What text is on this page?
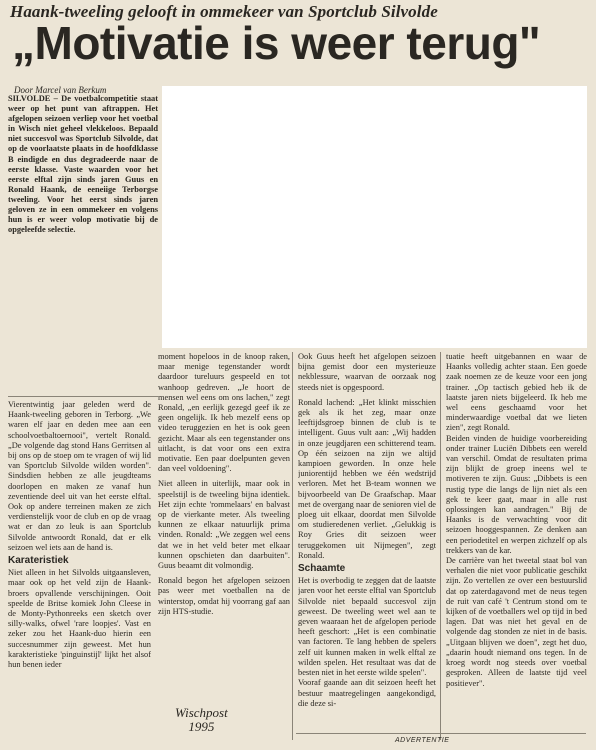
Haank-tweeling gelooft in ommekeer van Sportclub Silvolde
„Motivatie is weer terug"
Door Marcel van Berkum
SILVOLDE – De voetbalcompetitie staat weer op het punt van aftrappen. Het afgelopen seizoen verliep voor het voetbal in Wisch niet geheel vlekkeloos. Bepaald niet succesvol was Sportclub Silvolde, dat op de voorlaatste plaats in de hoofdklasse B eindigde en dus degradeerde naar de eerste klasse. Vaste waarden voor het eerste elftal zijn sinds jaren Guus en Ronald Haank, de eeneiige Terborgse tweeling. Voor het eerst sinds jaren geloven ze in een ommekeer en volgens hun is er weer volop motivatie bij de opgeleefde selectie.

Vierentwintig jaar geleden werd de Haank-tweeling geboren in Terborg. „We waren elf jaar en deden mee aan een schoolvoetbaltoernooi", vertelt Ronald. „De volgende dag stond Hans Gerritsen al bij ons op de stoep om te vragen of wij lid van Sportclub Silvolde wilden worden". Sindsdien hebben ze alle jeugdteams doorlopen en maken ze vanaf hun zeventiende deel uit van het eerste elftal. Ook op andere terreinen maken ze zich verdienstelijk voor de club en op de vraag wat er dan zo leuk is aan Sportclub Silvolde antwoordt Ronald, dat er elk seizoen wel iets aan de hand is.

Karateristiek

Niet alleen in het Silvolds uitgaansleven, maar ook op het veld zijn de Haank-broers opvallende verschijningen. Ooit speelde de Britse komiek John Cleese in de Monty-Pythonreeks een sketch over silly-walks, ofwel 'rare loopjes'. Vast en zeker zou het Haank-duo hierin een succesnummer zijn geweest. Met hun karakteristieke 'pinguinstijl' lijkt het alsof hun benen ieder

moment hopeloos in de knoop raken, maar menige tegenstander wordt daardoor tureluurs gespeeld en tot wanhoop gedreven. „Je hoort de mensen wel eens om ons lachen," zegt Ronald, „en eerlijk gezegd geef ik ze geen ongelijk. Ik heb mezelf eens op video teruggezien en het is ook geen gezicht. Maar als een tegenstander ons uitlacht, is dat voor ons een extra motivatie. Een paar doelpunten geven dan veel voldoening".

Niet alleen in uiterlijk, maar ook in speelstijl is de tweeling bijna identiek. Het zijn echte 'rommelaars' en balvast op de vierkante meter. Als tweeling kunnen ze elkaar natuurlijk prima vinden. Ronald: „We zeggen wel eens dat we in het veld beter met elkaar kunnen opschieten dan daarbuiten". Guus beaamt dit volmondig.

Ronald begon het afgelopen seizoen pas weer met voetballen na de winterstop, omdat hij voorrang gaf aan zijn HTS-studie.

Ook Guus heeft het afgelopen seizoen bijna gemist door een mysterieuze nekblessure, waarvan de oorzaak nog steeds niet is opgespoord.

Ronald lachend: „Het klinkt misschien gek als ik het zeg, maar onze leeftijdsgroep binnen de club is te intelligent. Guus vult aan: „Wij hadden in onze jeugdjaren een schitterend team. Op één seizoen na zijn we altijd kampioen geworden. In onze hele juniorentijd hebben we één wedstrijd verloren. Met het B-team wonnen we bijvoorbeeld van De Graafschap. Maar met de overgang naar de senioren viel de ploeg uit elkaar, doordat men Silvolde om studieredenen verliet. „Gelukkig is Roy Gries dit seizoen weer teruggekomen uit Nijmegen", zegt Ronald.

Schaamte

Het is overbodig te zeggen dat de laatste jaren voor het eerste elftal van Sportclub Silvolde niet bepaald succesvol zijn geweest. De tweeling weet wel aan te geven waaraan het de afgelopen periode heeft geschort: „Het is een combinatie van factoren. Te lang hebben de spelers zelf uit kunnen maken in welk elftal ze wilden spelen. Het resultaat was dat de besten niet in het eerste wilde spelen".

Vooraf gaande aan dit seizoen heeft het bestuur maatregelingen aangekondigd, die deze si-

tuatie heeft uitgebannen en waar de Haanks volledig achter staan. Een goede zaak noemen ze de keuze voor een jong trainer. „Op tactisch gebied heb ik de laatste jaren niets bijgeleerd. Ik heb me wel eens geschaamd voor het minderwaardige voetbal dat we lieten zien", zegt Ronald.

Beiden vinden de huidige voorbereiding onder trainer Luciën Dibbets een wereld van verschil. Omdat de resultaten prima zijn blijkt de groep ineens wel te motiveren te zijn. Guus: „Dibbets is een rustig type die langs de lijn niet als een gek te keer gaat, maar in alle rust oplossingen kan aandragen." Bij de Haanks is de verwachting voor dit seizoen hooggespannen. Ze denken aan een periodetitel en werpen zichzelf op als trekkers van de kar.

De carrière van het tweetal staat bol van verhalen die niet voor publicatie geschikt zijn. Zo vertellen ze over een bestuurslid dat op zaterdagavond met de neus tegen de ruit van café 't Centrum stond om te kijken of de voetballers wel op tijd in bed lagen. Dat was niet het geval en de volgende dag stonden ze niet in de basis. „Uitgaan blijven we doen", zegt het duo, „daarin houdt niemand ons tegen. In de kroeg wordt nog steeds over voetbal gesproken. Alleen de laatste tijd veel positiever".

Wischpost
1995
ADVERTENTIE
